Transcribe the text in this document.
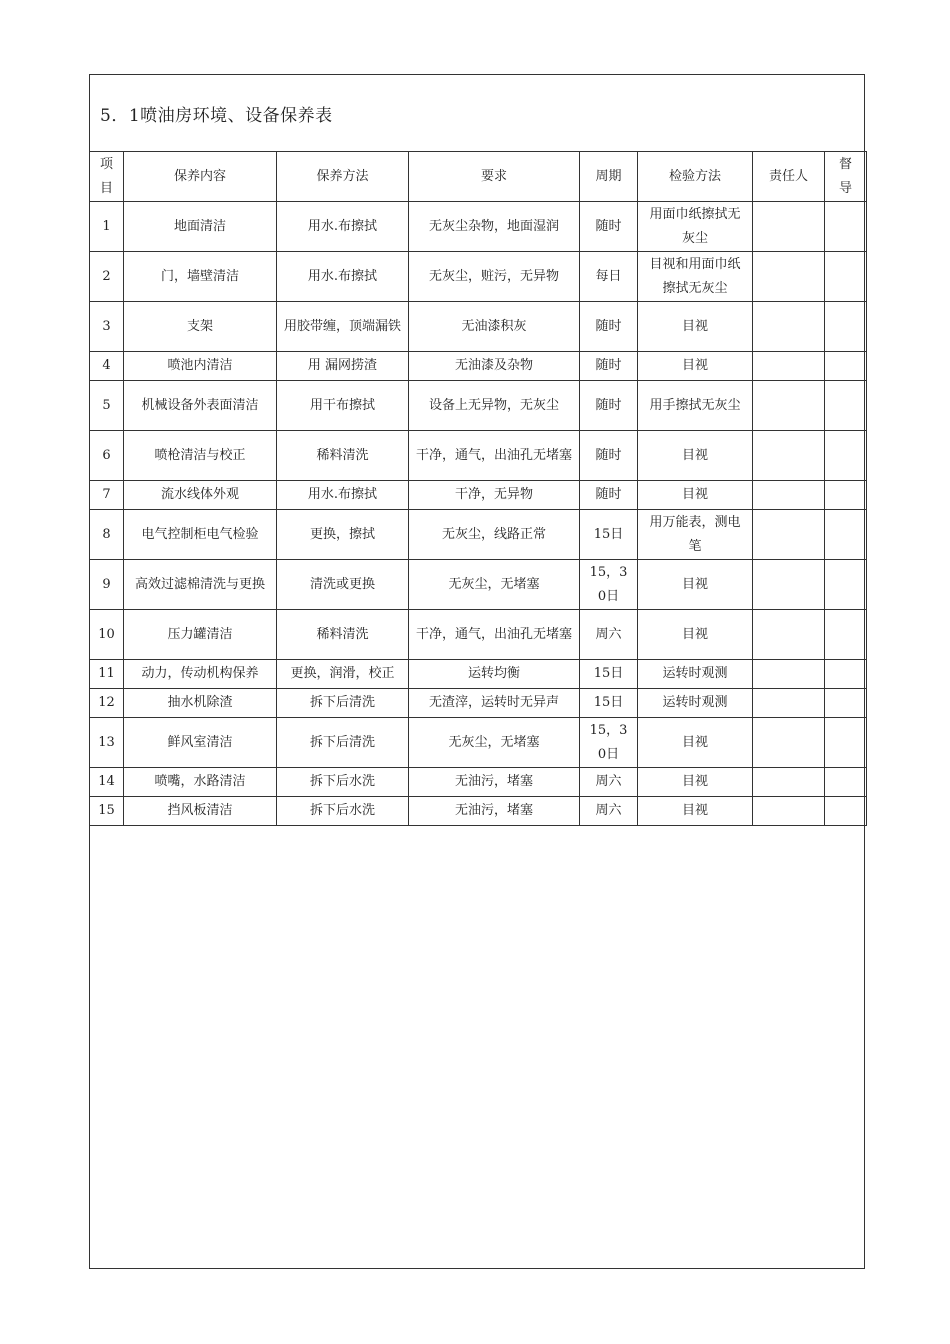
5．1喷油房环境、设备保养表
项目	保养内容	保养方法	要求	周期	检验方法	责任人	督导
1	地面清洁	用水.布擦拭	无灰尘杂物，地面湿润	随时	用面巾纸擦拭无灰尘		
2	门，墙壁清洁	用水.布擦拭	无灰尘，赃污，无异物	每日	目视和用面巾纸擦拭无灰尘		
3	支架	用胶带缠，顶端漏铁	无油漆积灰	随时	目视		
4	喷池内清洁	用 漏网捞渣	无油漆及杂物	随时	目视		
5	机械设备外表面清洁	用干布擦拭	设备上无异物，无灰尘	随时	用手擦拭无灰尘		
6	喷枪清洁与校正	稀料清洗	干净，通气，出油孔无堵塞	随时	目视		
7	流水线体外观	用水.布擦拭	干净，无异物	随时	目视		
8	电气控制柜电气检验	更换，擦拭	无灰尘，线路正常	15日	用万能表，测电笔		
9	高效过滤棉清洗与更换	清洗或更换	无灰尘，无堵塞	15，30日	目视		
10	压力罐清洁	稀料清洗	干净，通气，出油孔无堵塞	周六	目视		
11	动力，传动机构保养	更换，润滑，校正	运转均衡	15日	运转时观测		
12	抽水机除渣	拆下后清洗	无渣滓，运转时无异声	15日	运转时观测		
13	鲜风室清洁	拆下后清洗	无灰尘，无堵塞	15，30日	目视		
14	喷嘴，水路清洁	拆下后水洗	无油污，堵塞	周六	目视		
15	挡风板清洁	拆下后水洗	无油污，堵塞	周六	目视		
